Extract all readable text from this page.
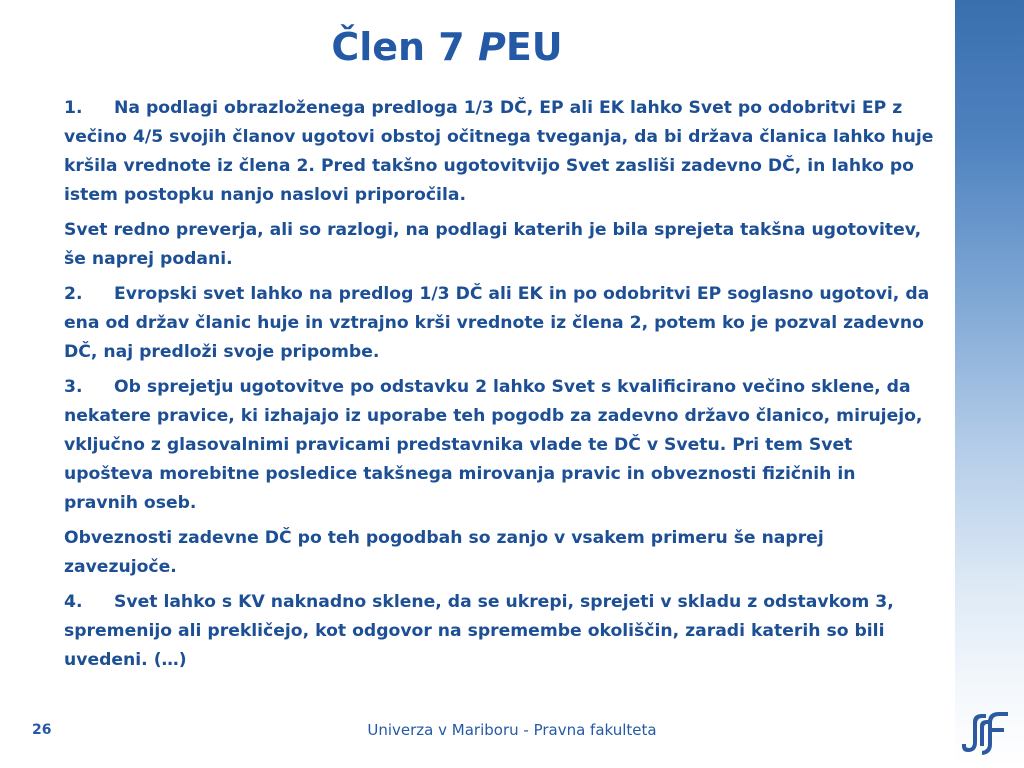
Člen 7 PEU

1. Na podlagi obrazloženega predloga 1/3 DČ, EP ali EK lahko Svet po odobritvi EP z večino 4/5 svojih članov ugotovi obstoj očitnega tveganja, da bi država članica lahko huje kršila vrednote iz člena 2. Pred takšno ugotovitvijo Svet zasliši zadevno DČ, in lahko po istem postopku nanjo naslovi priporočila.

Svet redno preverja, ali so razlogi, na podlagi katerih je bila sprejeta takšna ugotovitev, še naprej podani.

2. Evropski svet lahko na predlog 1/3 DČ ali EK in po odobritvi EP soglasno ugotovi, da ena od držav članic huje in vztrajno krši vrednote iz člena 2, potem ko je pozval zadevno DČ, naj predloži svoje pripombe.

3. Ob sprejetju ugotovitve po odstavku 2 lahko Svet s kvalificirano večino sklene, da nekatere pravice, ki izhajajo iz uporabe teh pogodb za zadevno državo članico, mirujejo, vključno z glasovalnimi pravicami predstavnika vlade te DČ v Svetu. Pri tem Svet upošteva morebitne posledice takšnega mirovanja pravic in obveznosti fizičnih in pravnih oseb.

Obveznosti zadevne DČ po teh pogodbah so zanjo v vsakem primeru še naprej zavezujoče.

4. Svet lahko s KV naknadno sklene, da se ukrepi, sprejeti v skladu z odstavkom 3, spremenijo ali prekličejo, kot odgovor na spremembe okoliščin, zaradi katerih so bili uvedeni. (…)

26	Univerza v Mariboru - Pravna fakulteta
